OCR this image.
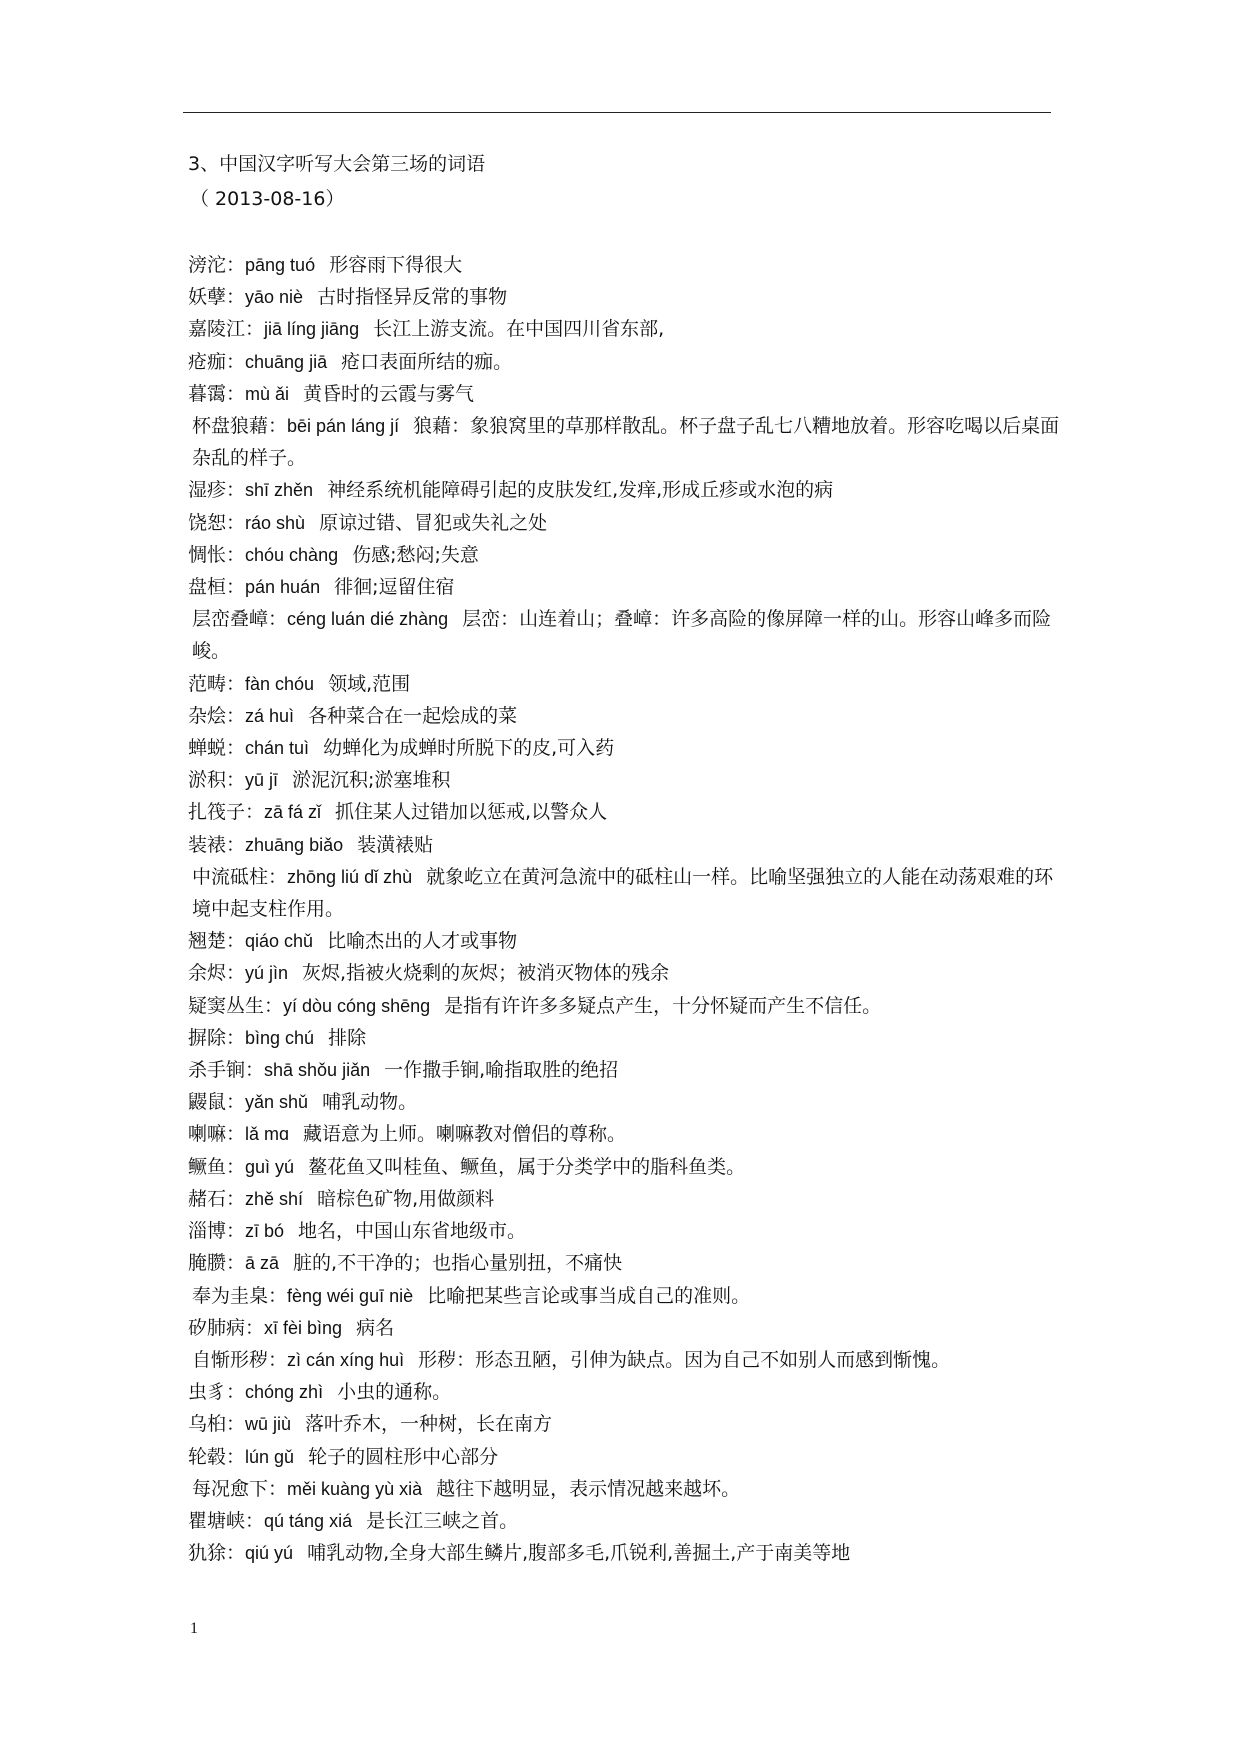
3、中国汉字听写大会第三场的词语
（ 2013-08-16）
滂沱：pāng tuó 形容雨下得很大
妖孽：yāo niè 古时指怪异反常的事物
嘉陵江：jiā líng jiāng 长江上游支流。在中国四川省东部,
疮痂：chuāng jiā 疮口表面所结的痂。
暮霭：mù ǎi 黄昏时的云霞与雾气
杯盘狼藉：bēi pán láng jí 狼藉：象狼窝里的草那样散乱。杯子盘子乱七八糟地放着。形容吃喝以后桌面杂乱的样子。
湿疹：shī zhěn 神经系统机能障碍引起的皮肤发红,发痒,形成丘疹或水泡的病
饶恕：ráo shù 原谅过错、冒犯或失礼之处
惆怅：chóu chàng 伤感;愁闷;失意
盘桓：pán huán 徘徊;逗留住宿
层峦叠嶂：céng luán dié zhàng 层峦：山连着山；叠嶂：许多高险的像屏障一样的山。形容山峰多而险峻。
范畴：fàn chóu 领域,范围
杂烩：zá huì 各种菜合在一起烩成的菜
蝉蜕：chán tuì 幼蝉化为成蝉时所脱下的皮,可入药
淤积：yū jī 淤泥沉积;淤塞堆积
扎筏子：zā fá zǐ 抓住某人过错加以惩戒,以警众人
装裱：zhuāng biǎo 装潢裱贴
中流砥柱：zhōng liú dǐ zhù 就象屹立在黄河急流中的砥柱山一样。比喻坚强独立的人能在动荡艰难的环境中起支柱作用。
翘楚：qiáo chǔ 比喻杰出的人才或事物
余烬：yú jìn 灰烬,指被火烧剩的灰烬；被消灭物体的残余
疑窦丛生：yí dòu cóng shēng 是指有许许多多疑点产生，十分怀疑而产生不信任。
摒除：bìng chú 排除
杀手锏：shā shǒu jiǎn 一作撒手锏,喻指取胜的绝招
鼹鼠：yǎn shǔ 哺乳动物。
喇嘛：lǎ mɑ 藏语意为上师。喇嘛教对僧侣的尊称。
鳜鱼：guì yú 鳌花鱼又叫桂鱼、鳜鱼，属于分类学中的脂科鱼类。
赭石：zhě shí 暗棕色矿物,用做颜料
淄博：zī bó 地名，中国山东省地级市。
腌臜：ā zā 脏的,不干净的；也指心量别扭，不痛快
奉为圭臬：fèng wéi guī niè 比喻把某些言论或事当成自己的准则。
矽肺病：xī fèi bìng 病名
自惭形秽：zì cán xíng huì 形秽：形态丑陋，引伸为缺点。因为自己不如别人而感到惭愧。
虫豸：chóng zhì 小虫的通称。
乌桕：wū jiù 落叶乔木，一种树，长在南方
轮毂：lún gǔ 轮子的圆柱形中心部分
每况愈下：měi kuàng yù xià 越往下越明显，表示情况越来越坏。
瞿塘峡：qú táng xiá 是长江三峡之首。
犰狳：qiú yú 哺乳动物,全身大部生鳞片,腹部多毛,爪锐利,善掘土,产于南美等地
1
